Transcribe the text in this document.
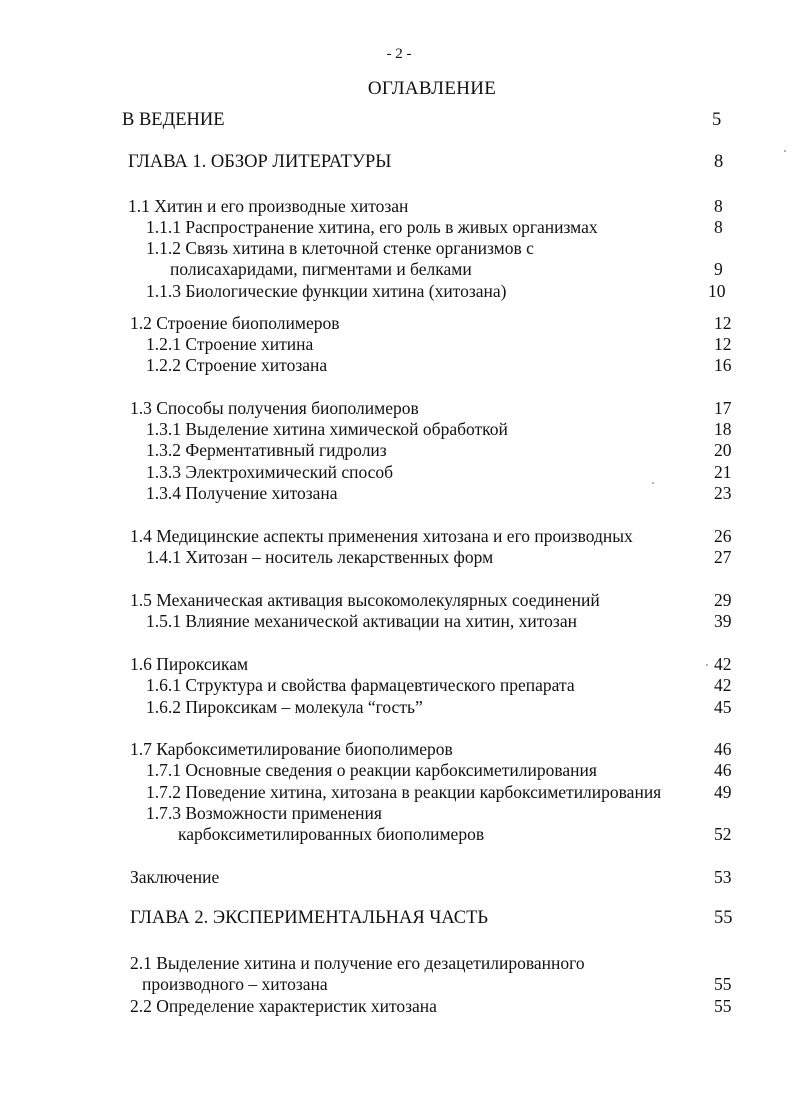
- 2 -
ОГЛАВЛЕНИЕ
В ВЕДЕНИЕ	5
ГЛАВА 1. ОБЗОР ЛИТЕРАТУРЫ	8
1.1 Хитин и его производные хитозан	8
1.1.1 Распространение хитина, его роль в живых организмах	8
1.1.2 Связь хитина в клеточной стенке организмов с
полисахаридами, пигментами и белками	9
1.1.3 Биологические функции хитина (хитозана)	10
1.2 Строение биополимеров	12
1.2.1 Строение хитина	12
1.2.2 Строение хитозана	16
1.3 Способы получения биополимеров	17
1.3.1 Выделение хитина химической обработкой	18
1.3.2 Ферментативный гидролиз	20
1.3.3 Электрохимический способ	21
1.3.4 Получение хитозана	23
1.4 Медицинские аспекты применения хитозана и его производных	26
1.4.1 Хитозан – носитель лекарственных форм	27
1.5 Механическая активация высокомолекулярных соединений	29
1.5.1 Влияние механической активации на хитин, хитозан	39
1.6 Пироксикам	42
1.6.1 Структура и свойства фармацевтического препарата	42
1.6.2 Пироксикам – молекула “гость”	45
1.7 Карбоксиметилирование биополимеров	46
1.7.1 Основные сведения о реакции карбоксиметилирования	46
1.7.2 Поведение хитина, хитозана в реакции карбоксиметилирования	49
1.7.3 Возможности применения
карбоксиметилированных биополимеров	52
Заключение	53
ГЛАВА 2. ЭКСПЕРИМЕНТАЛЬНАЯ ЧАСТЬ	55
2.1 Выделение хитина и получение его дезацетилированного
производного – хитозана	55
2.2 Определение характеристик хитозана	55
